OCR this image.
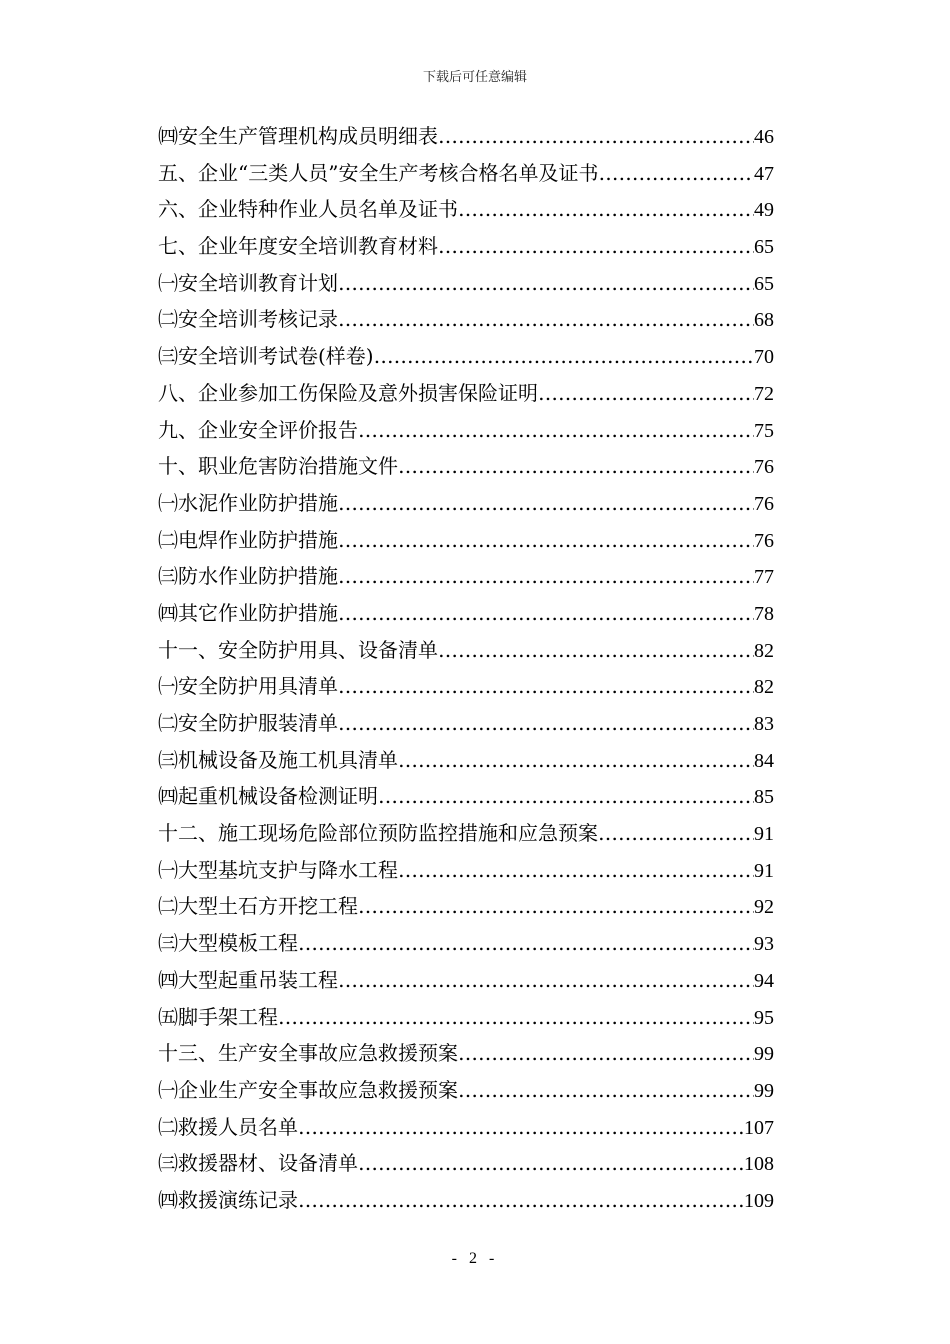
下载后可任意编辑
㈣安全生产管理机构成员明细表 ……………………………………………………………………………………………………………………………………………………	46
五、企业“三类人员”安全生产考核合格名单及证书 ……………………………………………………………………………………………………………………………………………………	47
六、企业特种作业人员名单及证书 ……………………………………………………………………………………………………………………………………………………	49
七、企业年度安全培训教育材料 ……………………………………………………………………………………………………………………………………………………	65
㈠安全培训教育计划 ……………………………………………………………………………………………………………………………………………………	65
㈡安全培训考核记录 ……………………………………………………………………………………………………………………………………………………	68
㈢安全培训考试卷(样卷) ……………………………………………………………………………………………………………………………………………………	70
八、企业参加工伤保险及意外损害保险证明 ……………………………………………………………………………………………………………………………………………………	72
九、企业安全评价报告 ……………………………………………………………………………………………………………………………………………………	75
十、职业危害防治措施文件 ……………………………………………………………………………………………………………………………………………………	76
㈠水泥作业防护措施 ……………………………………………………………………………………………………………………………………………………	76
㈡电焊作业防护措施 ……………………………………………………………………………………………………………………………………………………	76
㈢防水作业防护措施 ……………………………………………………………………………………………………………………………………………………	77
㈣其它作业防护措施 ……………………………………………………………………………………………………………………………………………………	78
十一、安全防护用具、设备清单 ……………………………………………………………………………………………………………………………………………………	82
㈠安全防护用具清单 ……………………………………………………………………………………………………………………………………………………	82
㈡安全防护服装清单 ……………………………………………………………………………………………………………………………………………………	83
㈢机械设备及施工机具清单 ……………………………………………………………………………………………………………………………………………………	84
㈣起重机械设备检测证明 ……………………………………………………………………………………………………………………………………………………	85
十二、施工现场危险部位预防监控措施和应急预案 ……………………………………………………………………………………………………………………………………………………	91
㈠大型基坑支护与降水工程 ……………………………………………………………………………………………………………………………………………………	91
㈡大型土石方开挖工程 ……………………………………………………………………………………………………………………………………………………	92
㈢大型模板工程 ……………………………………………………………………………………………………………………………………………………	93
㈣大型起重吊装工程 ……………………………………………………………………………………………………………………………………………………	94
㈤脚手架工程 ……………………………………………………………………………………………………………………………………………………	95
十三、生产安全事故应急救援预案 ……………………………………………………………………………………………………………………………………………………	99
㈠企业生产安全事故应急救援预案 ……………………………………………………………………………………………………………………………………………………	99
㈡救援人员名单 ……………………………………………………………………………………………………………………………………………………	107
㈢救援器材、设备清单 ……………………………………………………………………………………………………………………………………………………	108
㈣救援演练记录 ……………………………………………………………………………………………………………………………………………………	109
- 2 -
